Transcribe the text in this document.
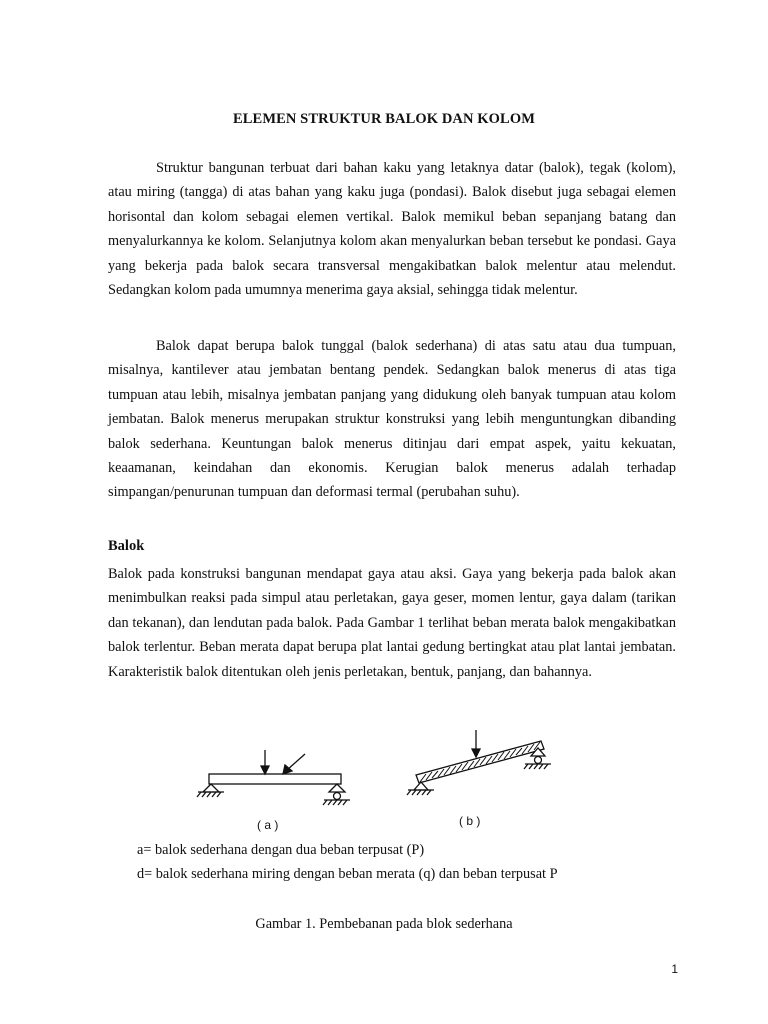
ELEMEN STRUKTUR BALOK DAN KOLOM

Struktur bangunan terbuat dari bahan kaku yang letaknya datar (balok), tegak (kolom), atau miring (tangga) di atas bahan yang kaku juga (pondasi). Balok disebut juga sebagai elemen horisontal dan kolom sebagai elemen vertikal. Balok memikul beban sepanjang batang dan menyalurkannya ke kolom. Selanjutnya kolom akan menyalurkan beban tersebut ke pondasi. Gaya yang bekerja pada balok secara transversal mengakibatkan balok melentur atau melendut. Sedangkan kolom pada umumnya menerima gaya aksial, sehingga tidak melentur.

Balok dapat berupa balok tunggal (balok sederhana) di atas satu atau dua tumpuan, misalnya, kantilever atau jembatan bentang pendek. Sedangkan balok menerus di atas tiga tumpuan atau lebih, misalnya jembatan panjang yang didukung oleh banyak tumpuan atau kolom jembatan. Balok menerus merupakan struktur konstruksi yang lebih menguntungkan dibanding balok sederhana. Keuntungan balok menerus ditinjau dari empat aspek, yaitu kekuatan, keaamanan, keindahan dan ekonomis. Kerugian balok menerus adalah terhadap simpangan/penurunan tumpuan dan deformasi termal (perubahan suhu).

Balok

Balok pada konstruksi bangunan mendapat gaya atau aksi. Gaya yang bekerja pada balok akan menimbulkan reaksi pada simpul atau perletakan, gaya geser, momen lentur, gaya dalam (tarikan dan tekanan), dan lendutan pada balok. Pada Gambar 1 terlihat beban merata balok mengakibatkan balok terlentur. Beban merata dapat berupa plat lantai gedung bertingkat atau plat lantai jembatan. Karakteristik balok ditentukan oleh jenis perletakan, bentuk, panjang, dan bahannya.

( a )	( b )
a= balok sederhana dengan dua beban terpusat (P)
d= balok sederhana miring dengan beban merata (q) dan beban terpusat P
Gambar 1. Pembebanan pada blok sederhana
1
